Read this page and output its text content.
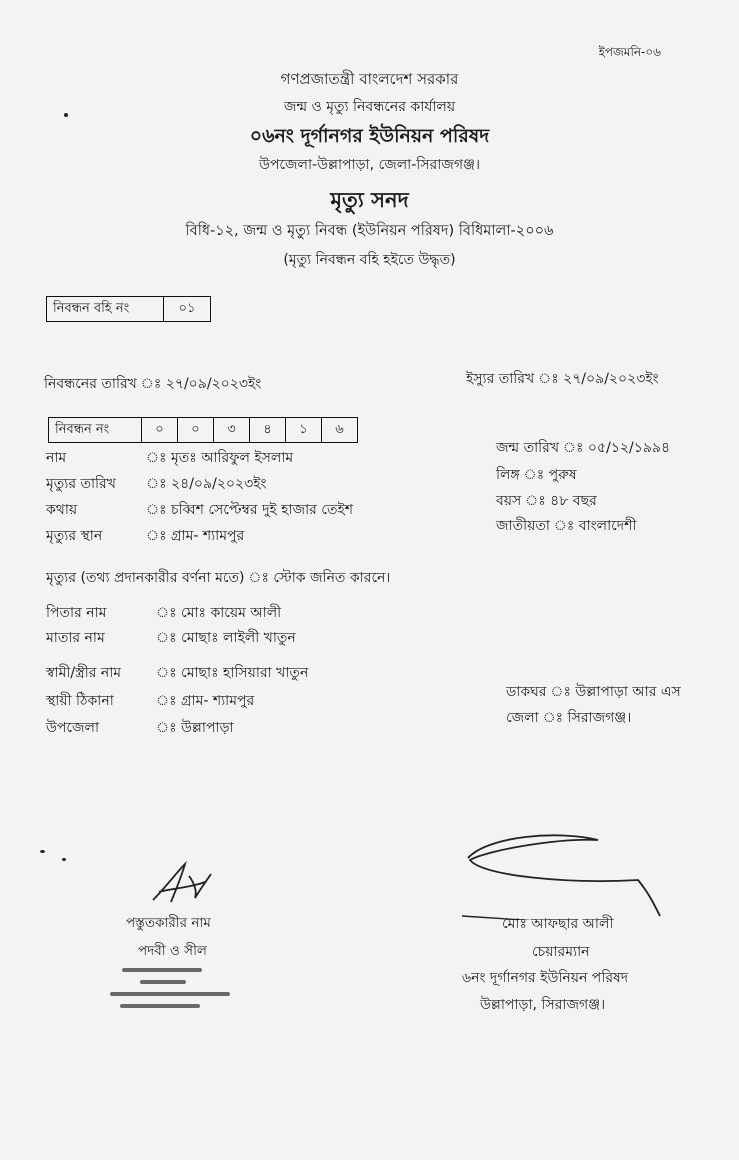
ইপজমনি-০৬
গণপ্রজাতন্ত্রী বাংলদেশ সরকার
জন্ম ও মৃত্যু নিবন্ধনের কার্যালয়
০৬নং দূর্গানগর ইউনিয়ন পরিষদ
উপজেলা-উল্লাপাড়া, জেলা-সিরাজগঞ্জ।
মৃত্যু সনদ
বিধি-১২, জন্ম ও মৃত্যু নিবন্ধ (ইউনিয়ন পরিষদ) বিধিমালা-২০০৬
(মৃত্যু নিবন্ধন বহি হইতে উদ্ধৃত)
নিবন্ধন বহি নং	০১
নিবন্ধনের তারিখ ঃ ২৭/০৯/২০২৩ইং	ইস্যুর তারিখ ঃ ২৭/০৯/২০২৩ইং
নিবন্ধন নং	০	০	৩	৪	১	৬
নাম	ঃ মৃতঃ আরিফুল ইসলাম
মৃত্যুর তারিখ ঃ ২৪/০৯/২০২৩ইং
কথায়	ঃ চব্বিশ সেপ্টেম্বর দুই হাজার তেইশ
মৃত্যুর স্থান	ঃ গ্রাম- শ্যামপুর
জন্ম তারিখ ঃ ০৫/১২/১৯৯৪
লিঙ্গ ঃ পুরুষ
বয়স ঃ ৪৮ বছর
জাতীয়তা ঃ বাংলাদেশী
মৃত্যুর (তথ্য প্রদানকারীর বর্ণনা মতে) ঃ স্টোক জনিত কারনে।
পিতার নাম	ঃ মোঃ কায়েম আলী
মাতার নাম	ঃ মোছাঃ লাইলী খাতুন
স্বামী/স্ত্রীর নাম ঃ মোছাঃ হাসিয়ারা খাতুন
স্থায়ী ঠিকানা	ঃ গ্রাম- শ্যামপুর
উপজেলা	ঃ উল্লাপাড়া
ডাকঘর ঃ উল্লাপাড়া আর এস
জেলা ঃ সিরাজগঞ্জ।
পস্তুতকারীর নাম
পদবী ও সীল
মোঃ আফছার আলী
চেয়ারম্যান
৬নং দূর্গানগর ইউনিয়ন পরিষদ
উল্লাপাড়া, সিরাজগঞ্জ।
